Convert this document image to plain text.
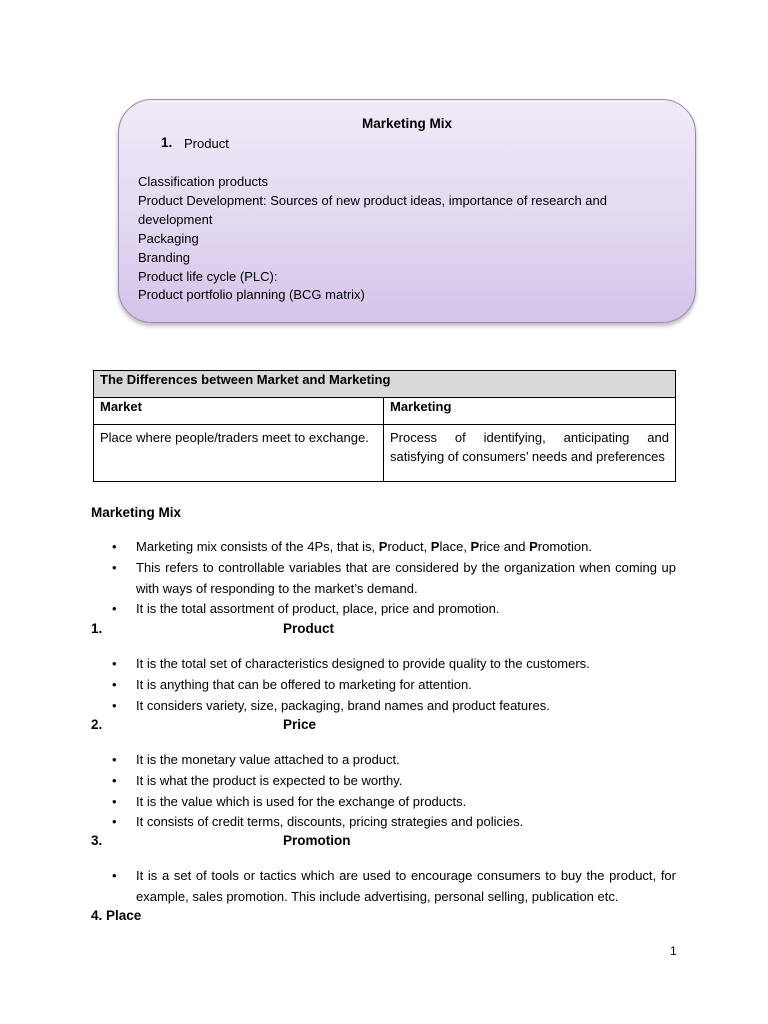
Marketing Mix
1. Product
Classification products
Product Development: Sources of new product ideas, importance of research and development
Packaging
Branding
Product life cycle (PLC):
Product portfolio planning (BCG matrix)
The Differences between Market and Marketing	
Market	Marketing
Place where people/traders meet to exchange.	Process of identifying, anticipating and satisfying of consumers’ needs and preferences
Marketing Mix
• Marketing mix consists of the 4Ps, that is, Product, Place, Price and Promotion.
• This refers to controllable variables that are considered by the organization when coming up with ways of responding to the market’s demand.
• It is the total assortment of product, place, price and promotion.
1.	Product
• It is the total set of characteristics designed to provide quality to the customers.
• It is anything that can be offered to marketing for attention.
• It considers variety, size, packaging, brand names and product features.
2.	Price
• It is the monetary value attached to a product.
• It is what the product is expected to be worthy.
• It is the value which is used for the exchange of products.
• It consists of credit terms, discounts, pricing strategies and policies.
3.	Promotion
• It is a set of tools or tactics which are used to encourage consumers to buy the product, for example, sales promotion. This include advertising, personal selling, publication etc.
4. Place
1
